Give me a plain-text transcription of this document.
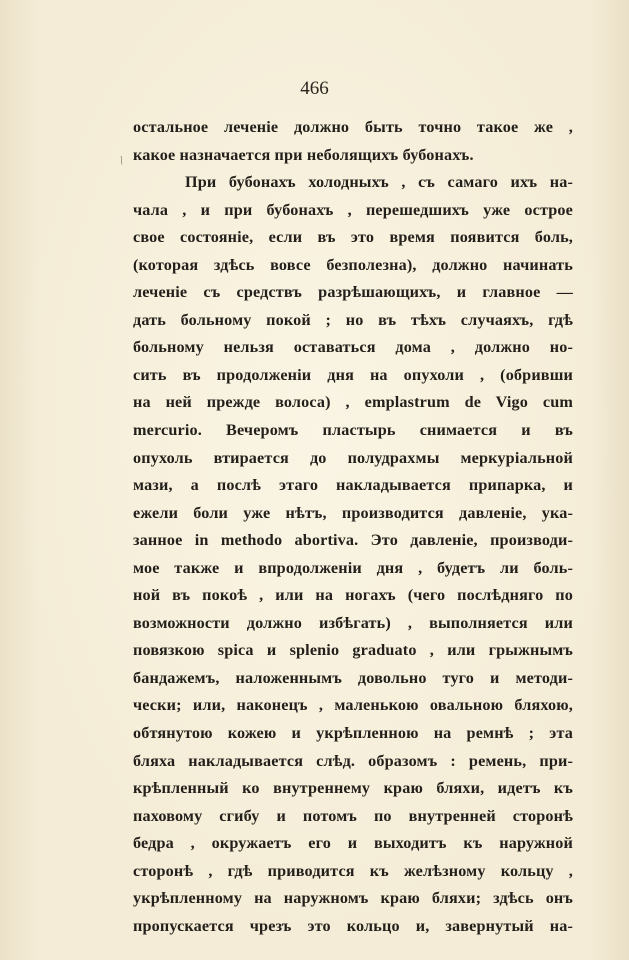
466
/
остальное леченіе должно быть точно такое же ,
какое назначается при неболящихъ бубонахъ.
При бубонахъ холодныхъ , съ самаго ихъ на-
чала , и при бубонахъ , перешедшихъ уже острое
свое состояніе, если въ это время появится боль,
(которая здѣсь вовсе безполезна), должно начинать
леченіе съ средствъ разрѣшающихъ, и главное —
дать больному покой ; но въ тѣхъ случаяхъ, гдѣ
больному нельзя оставаться дома , должно но-
сить въ продолженіи дня на опухоли , (обривши
на ней прежде волоса) , emplastrum de Vigo cum
mercurio. Вечеромъ пластырь снимается и въ
опухоль втирается до полудрахмы меркуріальной
мази, а послѣ этаго накладывается припарка, и
ежели боли уже нѣтъ, производится давленіе, ука-
занное in methodo abortiva. Это давленіе, производи-
мое также и впродолженіи дня , будетъ ли боль-
ной въ покоѣ , или на ногахъ (чего послѣдняго по
возможности должно избѣгать) , выполняется или
повязкою spica и splenio graduato , или грыжнымъ
бандажемъ, наложеннымъ довольно туго и методи-
чески; или, наконецъ , маленькою овальною бляхою,
обтянутою кожею и укрѣпленною на ремнѣ ; эта
бляха накладывается слѣд. образомъ : ремень, при-
крѣпленный ко внутреннему краю бляхи, идетъ къ
паховому сгибу и потомъ по внутренней сторонѣ
бедра , окружаетъ его и выходитъ къ наружной
сторонѣ , гдѣ приводится къ желѣзному кольцу ,
укрѣпленному на наружномъ краю бляхи; здѣсь онъ
пропускается чрезъ это кольцо и, завернутый на-
